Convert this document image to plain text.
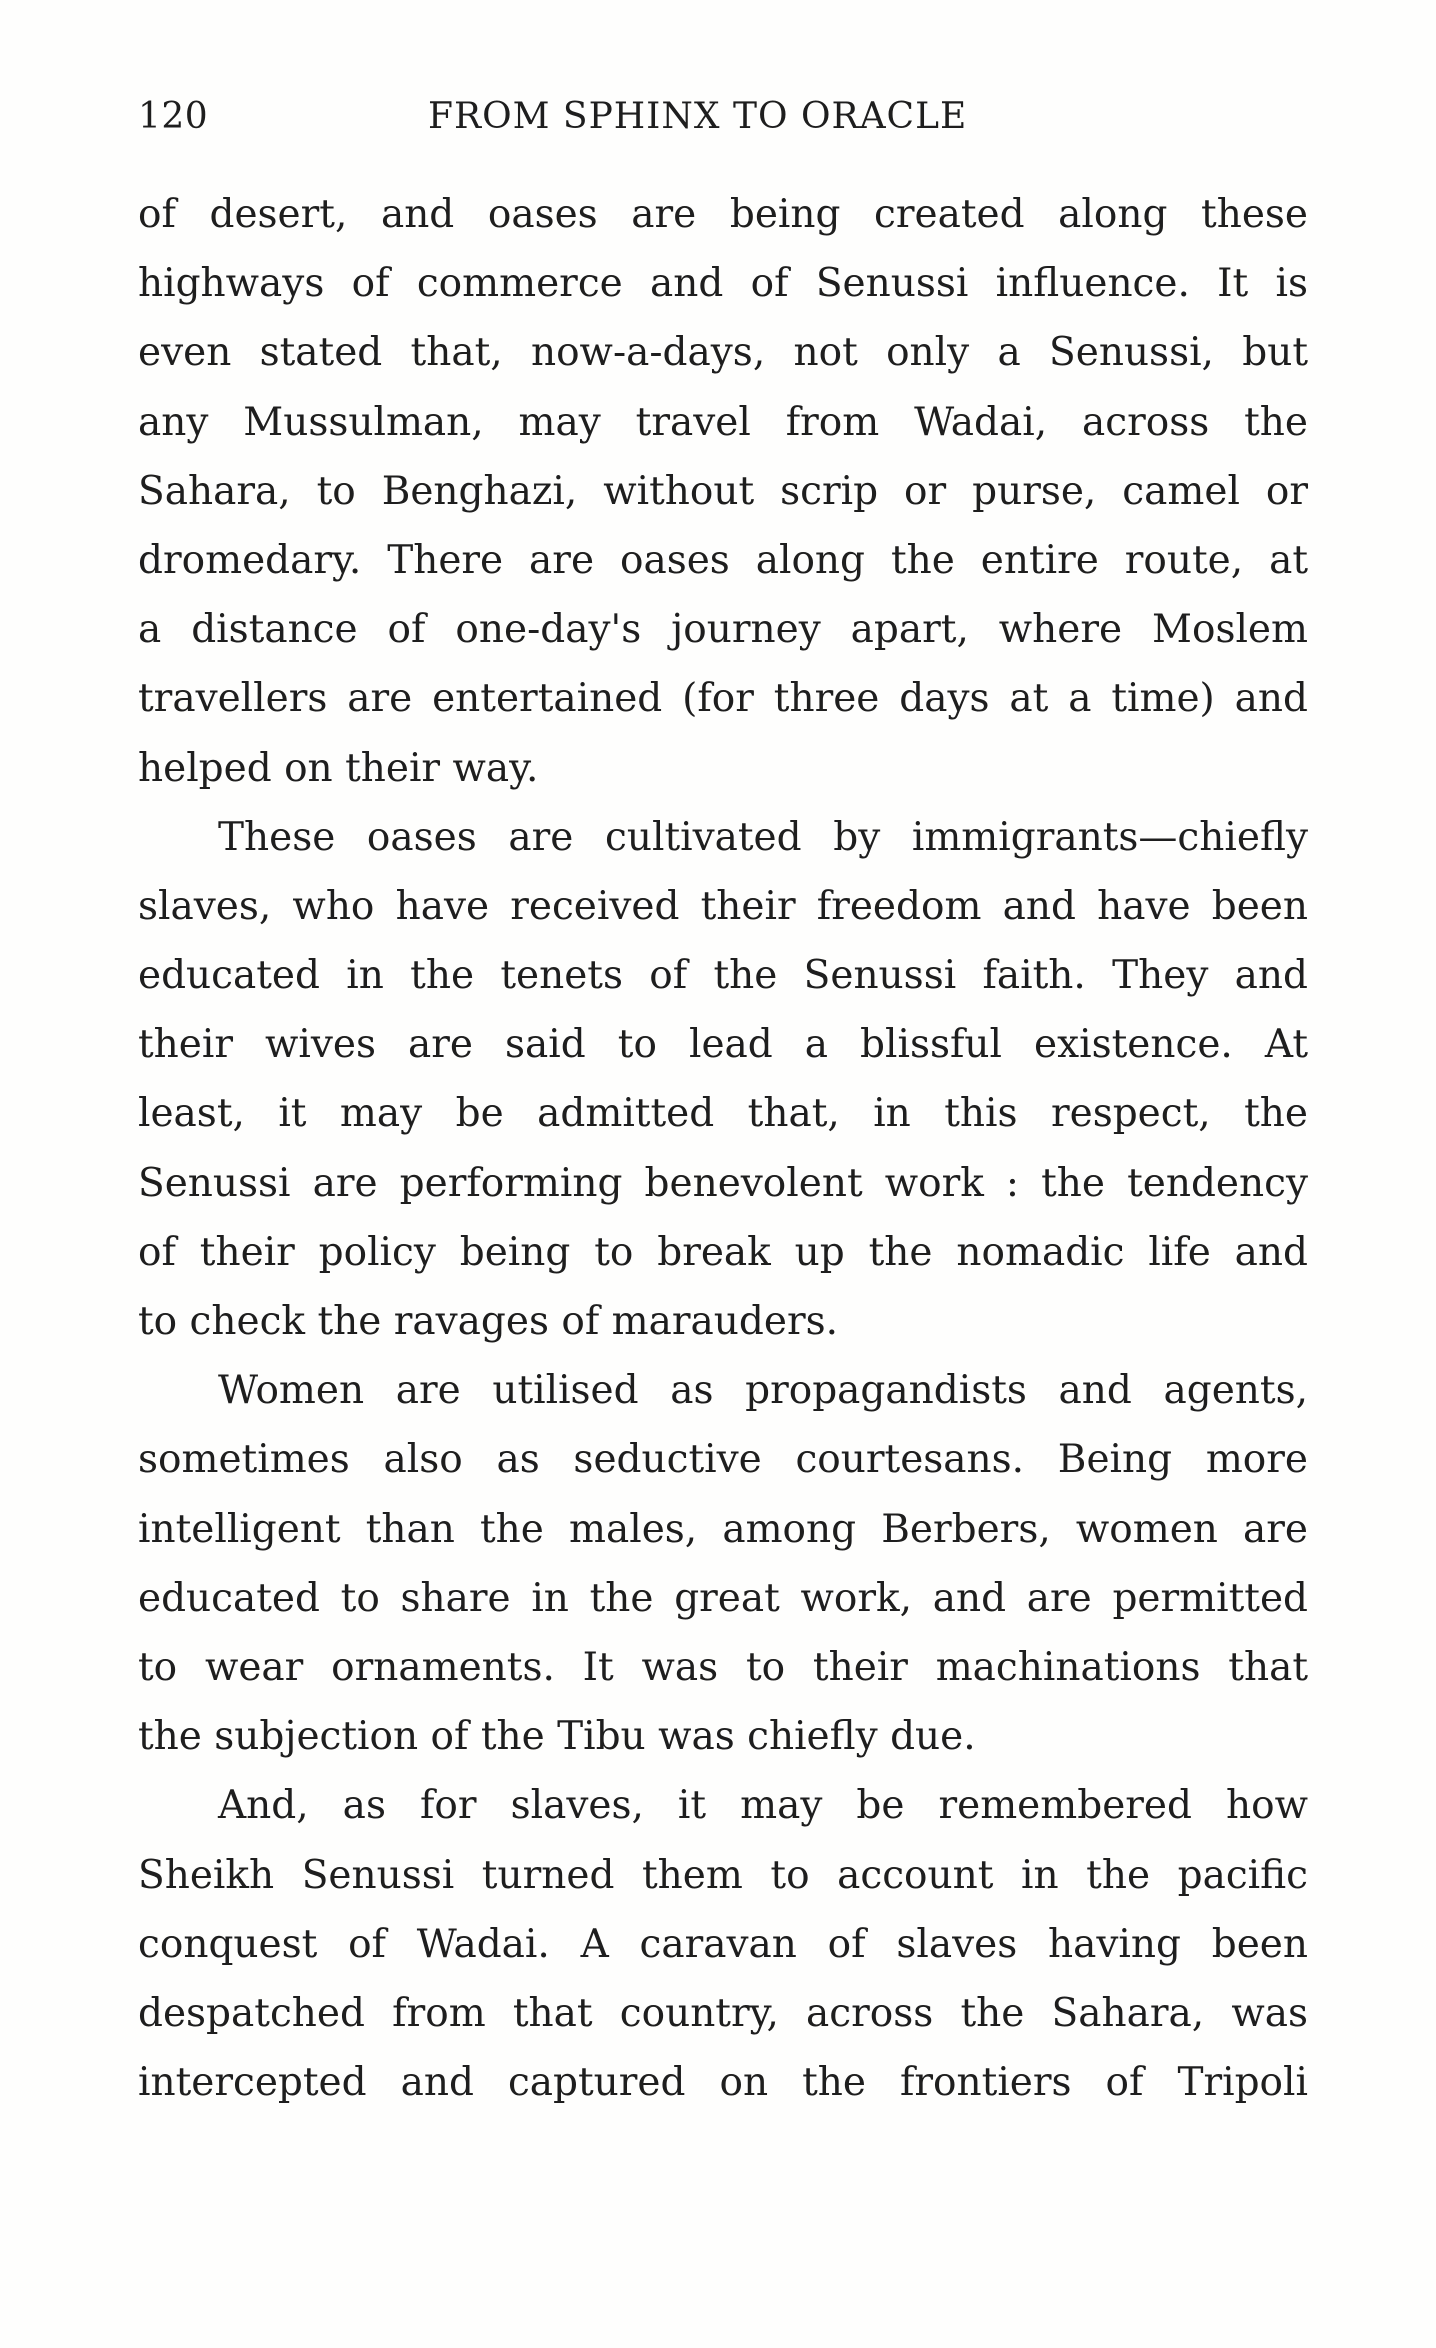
120	FROM SPHINX TO ORACLE
of desert, and oases are being created along these
highways of commerce and of Senussi influence. It is
even stated that, now-a-days, not only a Senussi, but
any Mussulman, may travel from Wadai, across the
Sahara, to Benghazi, without scrip or purse, camel or
dromedary. There are oases along the entire route, at
a distance of one-day's journey apart, where Moslem
travellers are entertained (for three days at a time) and
helped on their way.
These oases are cultivated by immigrants—chiefly
slaves, who have received their freedom and have been
educated in the tenets of the Senussi faith. They and
their wives are said to lead a blissful existence. At
least, it may be admitted that, in this respect, the
Senussi are performing benevolent work : the tendency
of their policy being to break up the nomadic life and
to check the ravages of marauders.
Women are utilised as propagandists and agents,
sometimes also as seductive courtesans. Being more
intelligent than the males, among Berbers, women are
educated to share in the great work, and are permitted
to wear ornaments. It was to their machinations that
the subjection of the Tibu was chiefly due.
And, as for slaves, it may be remembered how
Sheikh Senussi turned them to account in the pacific
conquest of Wadai. A caravan of slaves having been
despatched from that country, across the Sahara, was
intercepted and captured on the frontiers of Tripoli
